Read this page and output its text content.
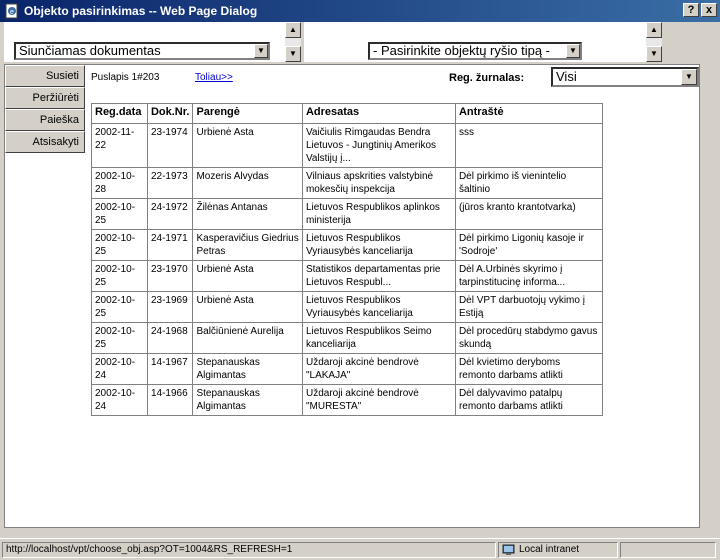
e Objekto pasirinkimas -- Web Page Dialog	?	x
▲
▼
Siunčiamas dokumentas	▼
▲
▼
- Pasirinkite objektų ryšio tipą -	▼
Susieti
Peržiūrėti
Paieška
Atsisakyti
Puslapis 1#203	Toliau>>	Reg. žurnalas:	Visi	▼
Reg.data	Dok.Nr.	Parengė	Adresatas	Antraštė
2002-11-22	23-1974	Urbienė Asta	Vaičiulis Rimgaudas Bendra Lietuvos - Jungtinių Amerikos Valstijų į...	sss
2002-10-28	22-1973	Mozeris Alvydas	Vilniaus apskrities valstybinė mokesčių inspekcija	Dėl pirkimo iš vienintelio šaltinio
2002-10-25	24-1972	Žilėnas Antanas	Lietuvos Respublikos aplinkos ministerija	(jūros kranto krantotvarka)
2002-10-25	24-1971	Kasperavičius Giedrius Petras	Lietuvos Respublikos Vyriausybės kanceliarija	Dėl pirkimo Ligonių kasoje ir 'Sodroje'
2002-10-25	23-1970	Urbienė Asta	Statistikos departamentas prie Lietuvos Respubl...	Dėl A.Urbinės skyrimo į tarpinstitucinę informa...
2002-10-25	23-1969	Urbienė Asta	Lietuvos Respublikos Vyriausybės kanceliarija	Dėl VPT darbuotojų vykimo į Estiją
2002-10-25	24-1968	Balčiūnienė Aurelija	Lietuvos Respublikos Seimo kanceliarija	Dėl procedūrų stabdymo gavus skundą
2002-10-24	14-1967	Stepanauskas Algimantas	Uždaroji akcinė bendrovė "LAKAJA"	Dėl kvietimo deryboms remonto darbams atlikti
2002-10-24	14-1966	Stepanauskas Algimantas	Uždaroji akcinė bendrovė "MURESTA"	Dėl dalyvavimo patalpų remonto darbams atlikti
http://localhost/vpt/choose_obj.asp?OT=1004&RS_REFRESH=1	Local intranet
